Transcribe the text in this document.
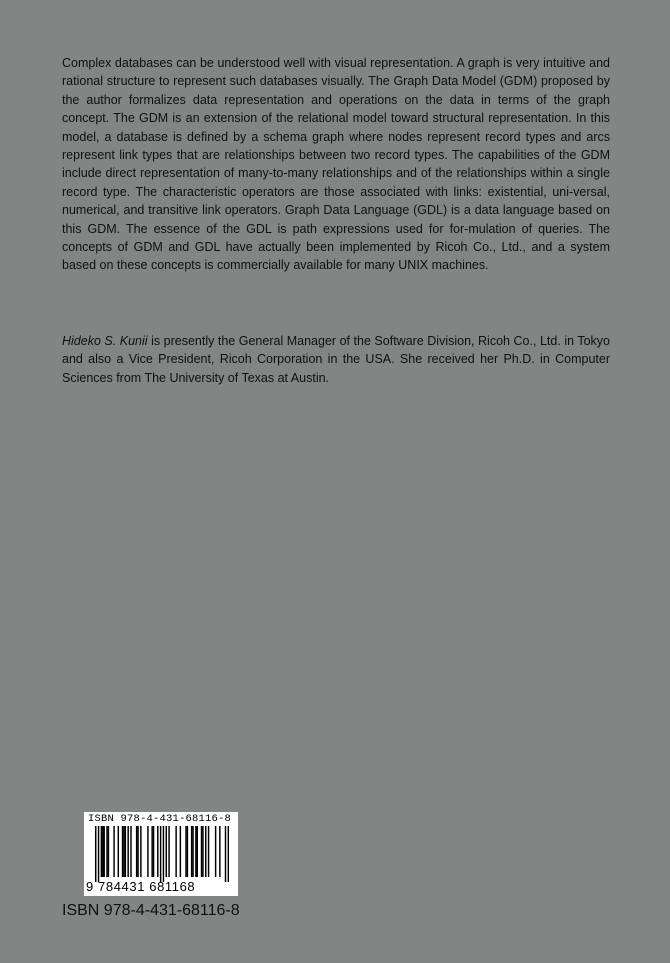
Complex databases can be understood well with visual representation. A graph is very intuitive and rational structure to represent such databases visually. The Graph Data Model (GDM) proposed by the author formalizes data representation and operations on the data in terms of the graph concept. The GDM is an extension of the relational model toward structural representation. In this model, a database is defined by a schema graph where nodes represent record types and arcs represent link types that are relationships between two record types. The capabilities of the GDM include direct representation of many-to-many relationships and of the relationships within a single record type. The characteristic operators are those associated with links: existential, uni-versal, numerical, and transitive link operators. Graph Data Language (GDL) is a data language based on this GDM. The essence of the GDL is path expressions used for for-mulation of queries. The concepts of GDM and GDL have actually been implemented by Ricoh Co., Ltd., and a system based on these concepts is commercially available for many UNIX machines.

Hideko S. Kunii is presently the General Manager of the Software Division, Ricoh Co., Ltd. in Tokyo and also a Vice President, Ricoh Corporation in the USA. She received her Ph.D. in Computer Sciences from The University of Texas at Austin.

ISBN 978-4-431-68116-8
9 784431 681168
ISBN 978-4-431-68116-8
